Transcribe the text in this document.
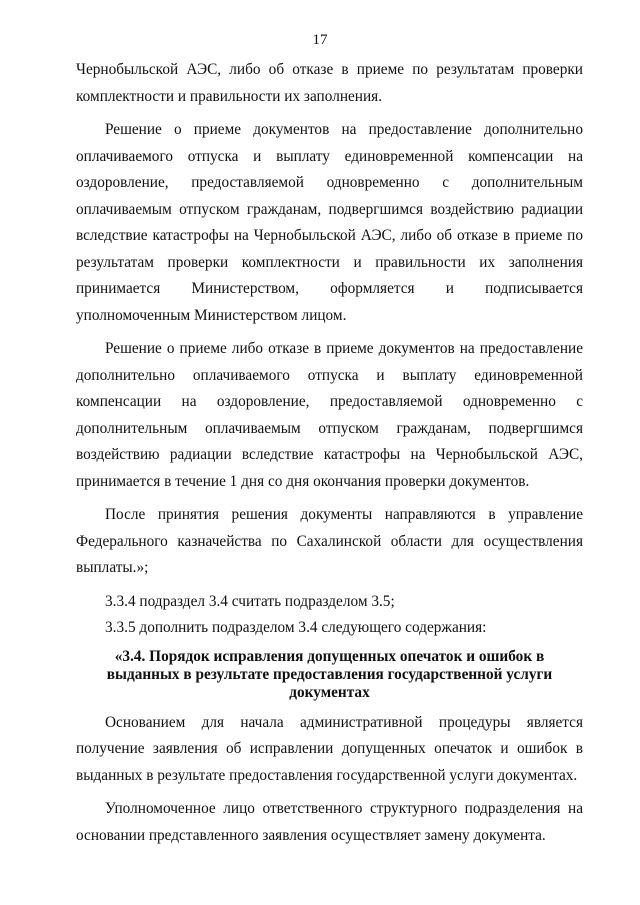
17

Чернобыльской АЭС, либо об отказе в приеме по результатам проверки комплектности и правильности их заполнения.

Решение о приеме документов на предоставление дополнительно оплачиваемого отпуска и выплату единовременной компенсации на оздоровление, предоставляемой одновременно с дополнительным оплачиваемым отпуском гражданам, подвергшимся воздействию радиации вследствие катастрофы на Чернобыльской АЭС, либо об отказе в приеме по результатам проверки комплектности и правильности их заполнения принимается Министерством, оформляется и подписывается уполномоченным Министерством лицом.

Решение о приеме либо отказе в приеме документов на предоставление дополнительно оплачиваемого отпуска и выплату единовременной компенсации на оздоровление, предоставляемой одновременно с дополнительным оплачиваемым отпуском гражданам, подвергшимся воздействию радиации вследствие катастрофы на Чернобыльской АЭС, принимается в течение 1 дня со дня окончания проверки документов.

После принятия решения документы направляются в управление Федерального казначейства по Сахалинской области для осуществления выплаты.»;

3.3.4 подраздел 3.4 считать подразделом 3.5;

3.3.5 дополнить подразделом 3.4 следующего содержания:

«3.4. Порядок исправления допущенных опечаток и ошибок в выданных в результате предоставления государственной услуги документах

Основанием для начала административной процедуры является получение заявления об исправлении допущенных опечаток и ошибок в выданных в результате предоставления государственной услуги документах.

Уполномоченное лицо ответственного структурного подразделения на основании представленного заявления осуществляет замену документа.
